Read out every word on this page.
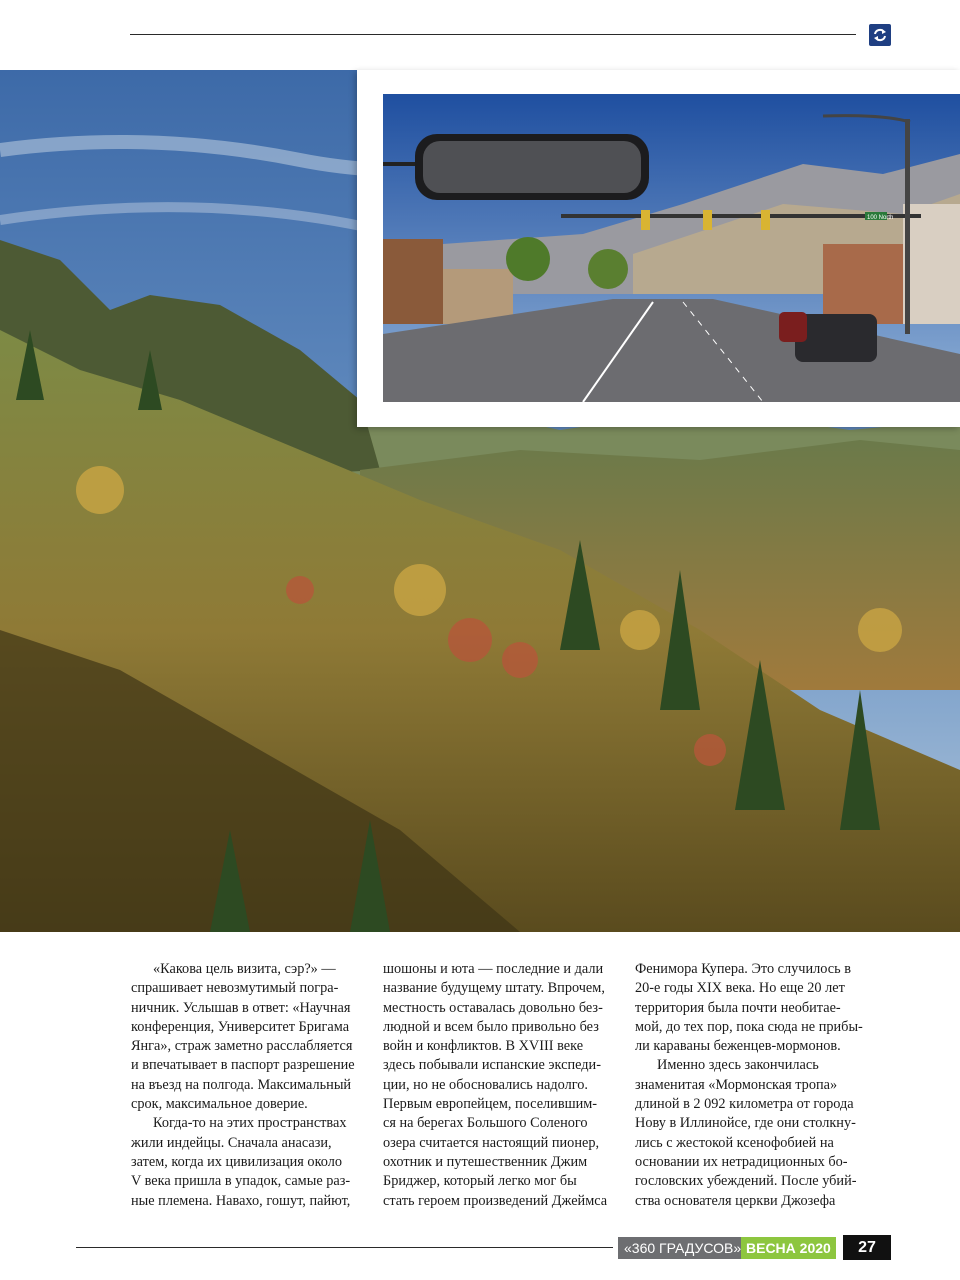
100 North

«Какова цель визита, сэр?» —
спрашивает невозмутимый погра-
ничник. Услышав в ответ: «Научная
конференция, Университет Бригама
Янга», страж заметно расслабляется
и впечатывает в паспорт разрешение
на въезд на полгода. Максимальный
срок, максимальное доверие.

Когда-то на этих пространствах
жили индейцы. Сначала анасази,
затем, когда их цивилизация около
V века пришла в упадок, самые раз-
ные племена. Навахо, гошут, пайют,

шошоны и юта — последние и дали
название будущему штату. Впрочем,
местность оставалась довольно без-
людной и всем было привольно без
войн и конфликтов. В XVIII веке
здесь побывали испанские экспеди-
ции, но не обосновались надолго.
Первым европейцем, поселившим-
ся на берегах Большого Соленого
озера считается настоящий пионер,
охотник и путешественник Джим
Бриджер, который легко мог бы
стать героем произведений Джеймса

Фенимора Купера. Это случилось в
20-е годы XIX века. Но еще 20 лет
территория была почти необитае-
мой, до тех пор, пока сюда не прибы-
ли караваны беженцев-мормонов.

Именно здесь закончилась
знаменитая «Мормонская тропа»
длиной в 2 092 километра от города
Нову в Иллинойсе, где они столкну-
лись с жестокой ксенофобией на
основании их нетрадиционных бо-
гословских убеждений. После убий-
ства основателя церкви Джозефа

«360 ГРАДУСОВ» ВЕСНА 2020	27
